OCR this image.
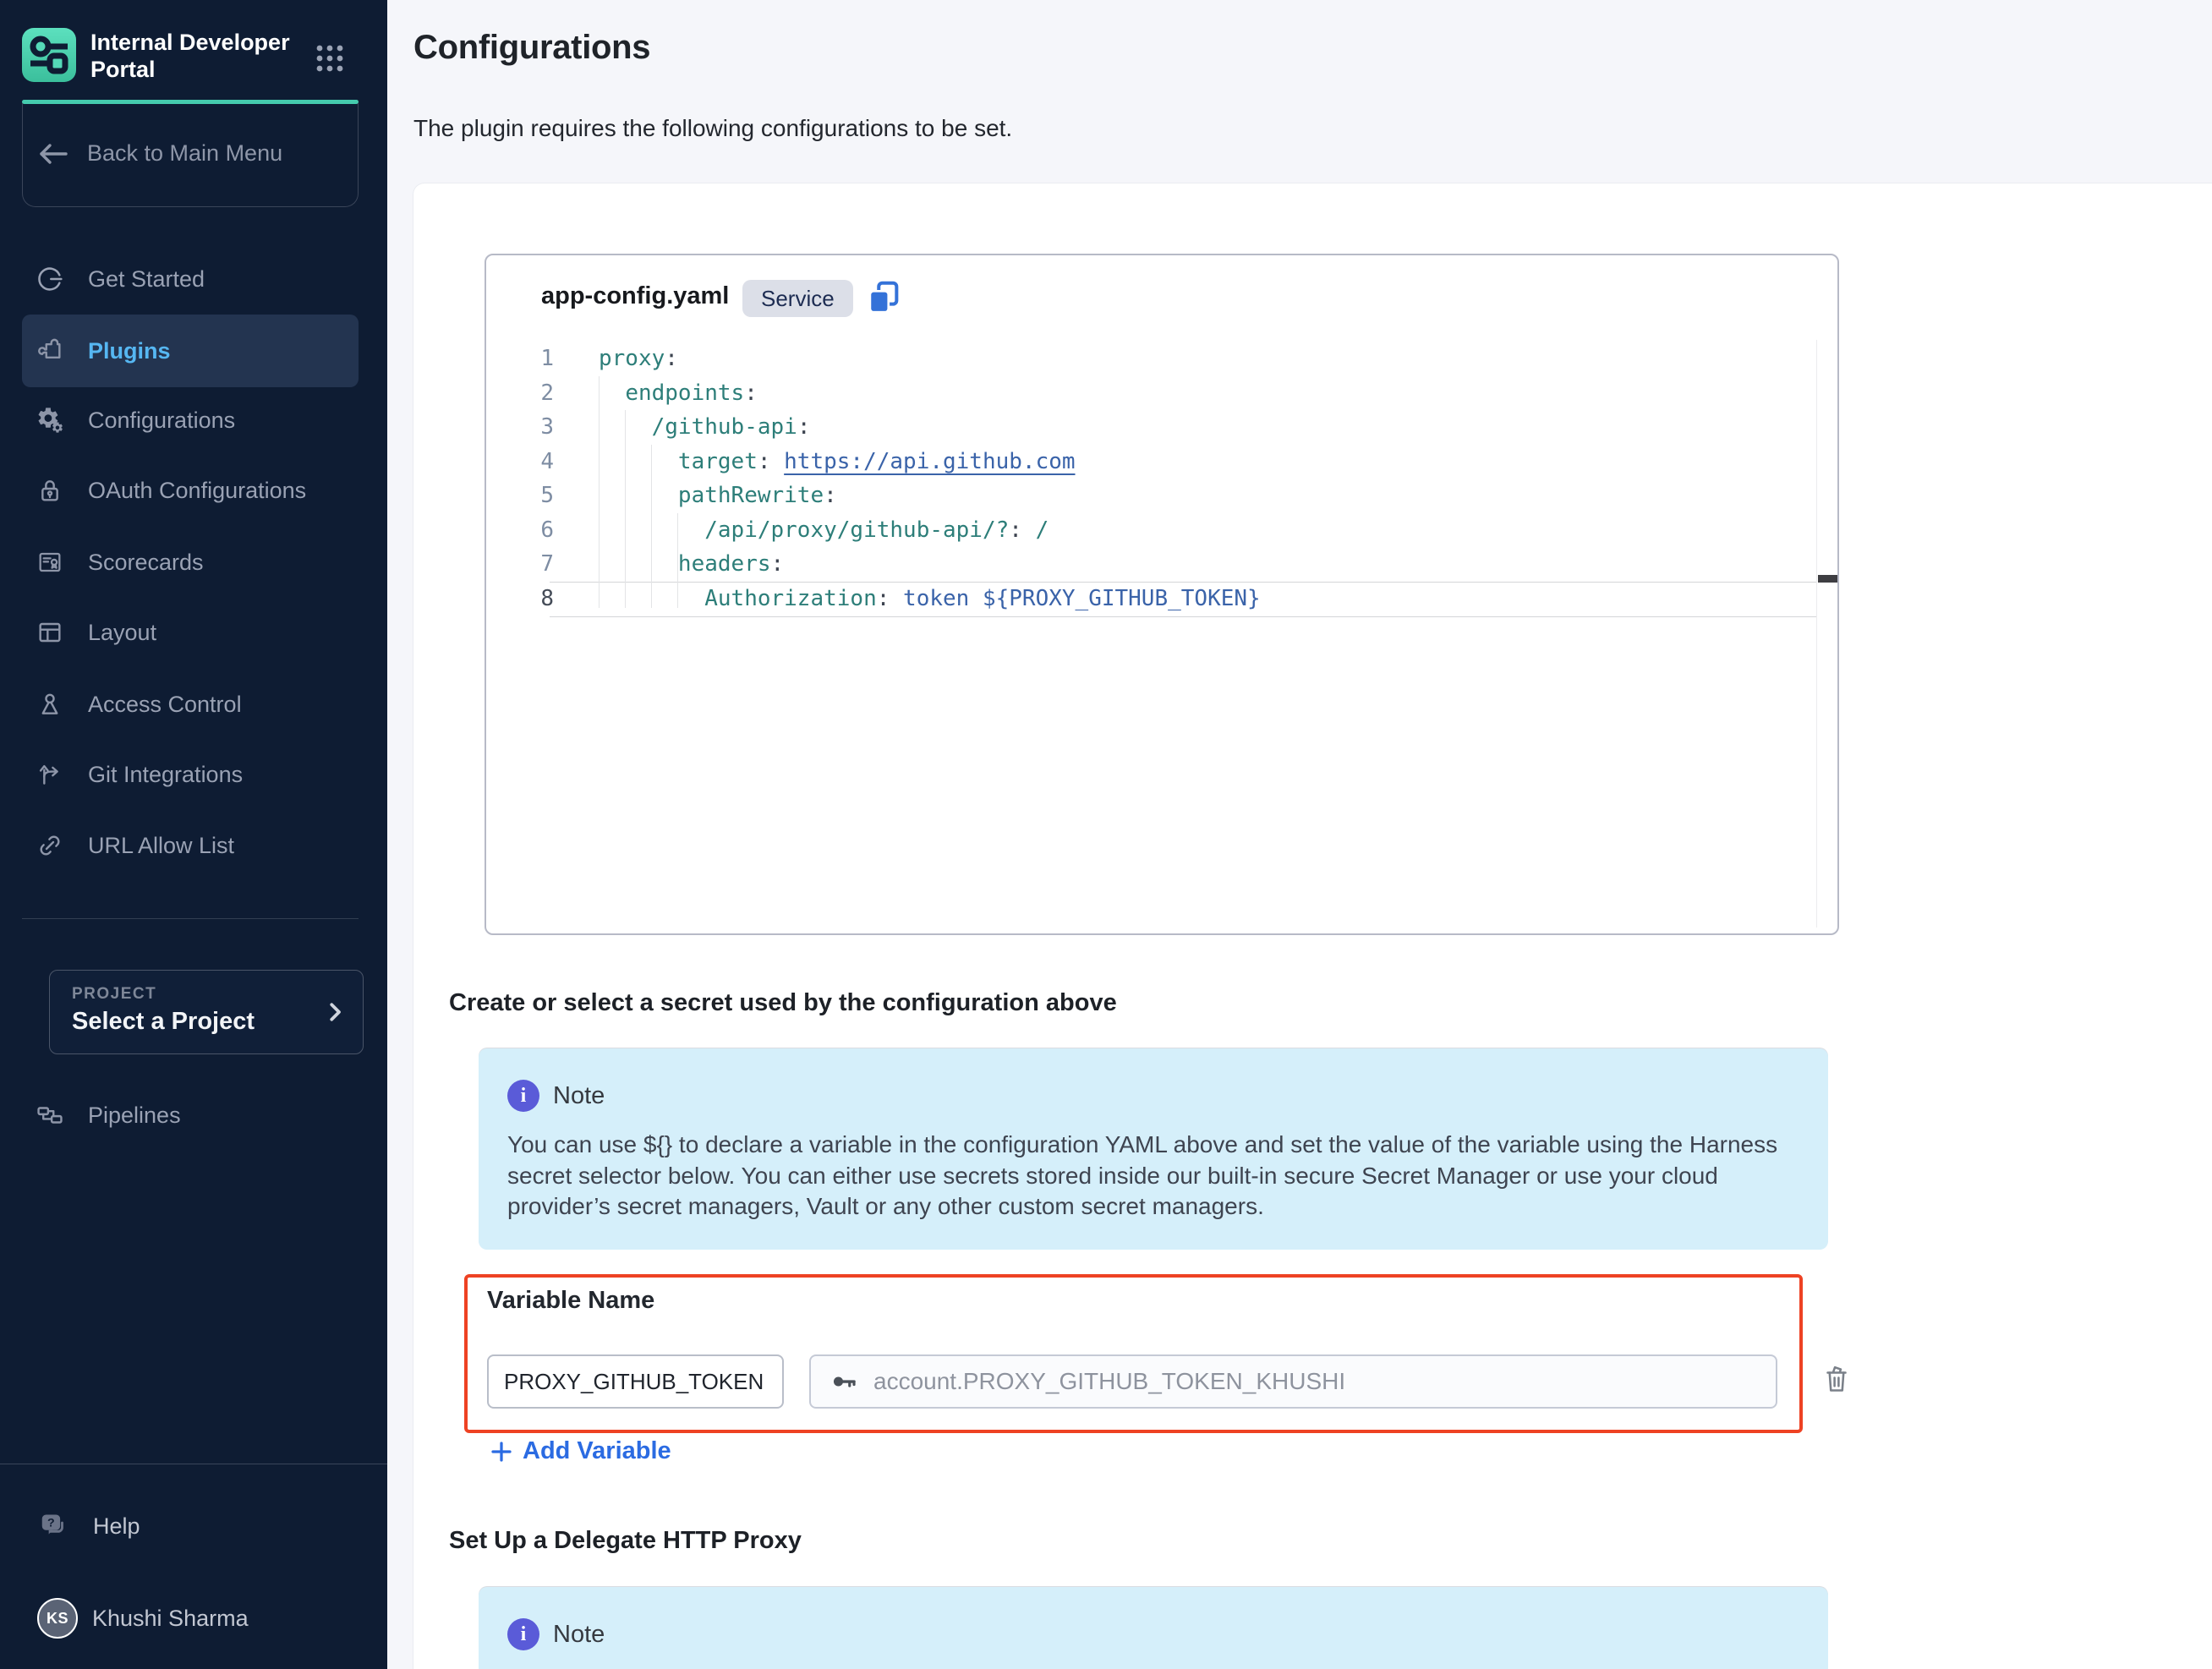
Internal Developer Portal
Back to Main Menu
Get Started
Plugins
Configurations
OAuth Configurations
Scorecards
Layout
Access Control
Git Integrations
URL Allow List
PROJECT
Select a Project
Pipelines
? Help
KS	Khushi Sharma
Configurations

The plugin requires the following configurations to be set.

app-config.yaml	Service
1	proxy:
2	endpoints:
3	/github-api:
4	target: https://api.github.com
5	pathRewrite:
6	/api/proxy/github-api/?: /
7	headers:
8	Authorization: token ${PROXY_GITHUB_TOKEN}
Create or select a secret used by the configuration above
i	Note
You can use ${} to declare a variable in the configuration YAML above and set the value of the variable using the Harness secret selector below. You can either use secrets stored inside our built-in secure Secret Manager or use your cloud provider’s secret managers, Vault or any other custom secret managers.
Variable Name
PROXY_GITHUB_TOKEN	account.PROXY_GITHUB_TOKEN_KHUSHI
Add Variable
Set Up a Delegate HTTP Proxy
i	Note
